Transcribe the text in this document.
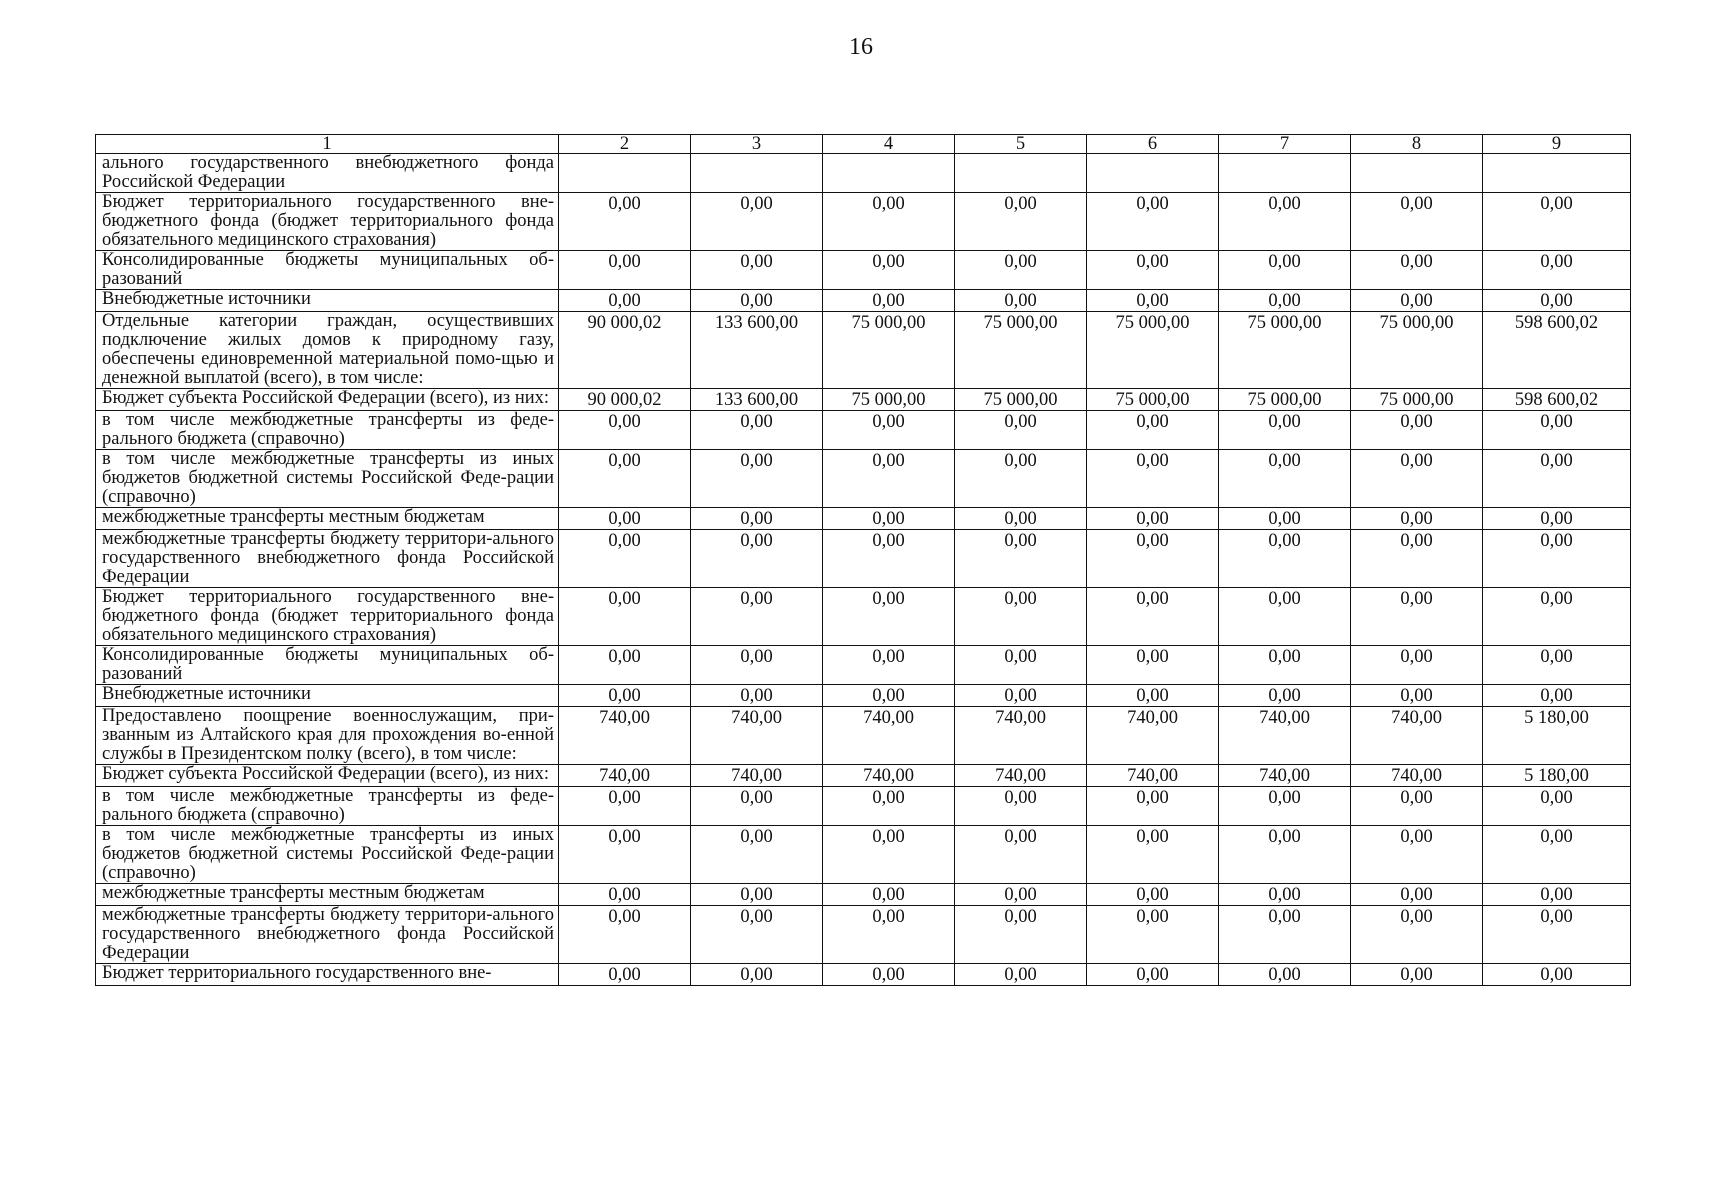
16
1	2	3	4	5	6	7	8	9
ального государственного внебюджетного фонда Российской Федерации								
Бюджет территориального государственного вне-бюджетного фонда (бюджет территориального фонда обязательного медицинского страхования)	0,00	0,00	0,00	0,00	0,00	0,00	0,00	0,00
Консолидированные бюджеты муниципальных об-разований	0,00	0,00	0,00	0,00	0,00	0,00	0,00	0,00
Внебюджетные источники	0,00	0,00	0,00	0,00	0,00	0,00	0,00	0,00
Отдельные категории граждан, осуществивших подключение жилых домов к природному газу, обеспечены единовременной материальной помо-щью и денежной выплатой (всего), в том числе:	90 000,02	133 600,00	75 000,00	75 000,00	75 000,00	75 000,00	75 000,00	598 600,02
Бюджет субъекта Российской Федерации (всего), из них:	90 000,02	133 600,00	75 000,00	75 000,00	75 000,00	75 000,00	75 000,00	598 600,02
в том числе межбюджетные трансферты из феде-рального бюджета (справочно)	0,00	0,00	0,00	0,00	0,00	0,00	0,00	0,00
в том числе межбюджетные трансферты из иных бюджетов бюджетной системы Российской Феде-рации (справочно)	0,00	0,00	0,00	0,00	0,00	0,00	0,00	0,00
межбюджетные трансферты местным бюджетам	0,00	0,00	0,00	0,00	0,00	0,00	0,00	0,00
межбюджетные трансферты бюджету территори-ального государственного внебюджетного фонда Российской Федерации	0,00	0,00	0,00	0,00	0,00	0,00	0,00	0,00
Бюджет территориального государственного вне-бюджетного фонда (бюджет территориального фонда обязательного медицинского страхования)	0,00	0,00	0,00	0,00	0,00	0,00	0,00	0,00
Консолидированные бюджеты муниципальных об-разований	0,00	0,00	0,00	0,00	0,00	0,00	0,00	0,00
Внебюджетные источники	0,00	0,00	0,00	0,00	0,00	0,00	0,00	0,00
Предоставлено поощрение военнослужащим, при-званным из Алтайского края для прохождения во-енной службы в Президентском полку (всего), в том числе:	740,00	740,00	740,00	740,00	740,00	740,00	740,00	5 180,00
Бюджет субъекта Российской Федерации (всего), из них:	740,00	740,00	740,00	740,00	740,00	740,00	740,00	5 180,00
в том числе межбюджетные трансферты из феде-рального бюджета (справочно)	0,00	0,00	0,00	0,00	0,00	0,00	0,00	0,00
в том числе межбюджетные трансферты из иных бюджетов бюджетной системы Российской Феде-рации (справочно)	0,00	0,00	0,00	0,00	0,00	0,00	0,00	0,00
межбюджетные трансферты местным бюджетам	0,00	0,00	0,00	0,00	0,00	0,00	0,00	0,00
межбюджетные трансферты бюджету территори-ального государственного внебюджетного фонда Российской Федерации	0,00	0,00	0,00	0,00	0,00	0,00	0,00	0,00
Бюджет территориального государственного вне-	0,00	0,00	0,00	0,00	0,00	0,00	0,00	0,00
